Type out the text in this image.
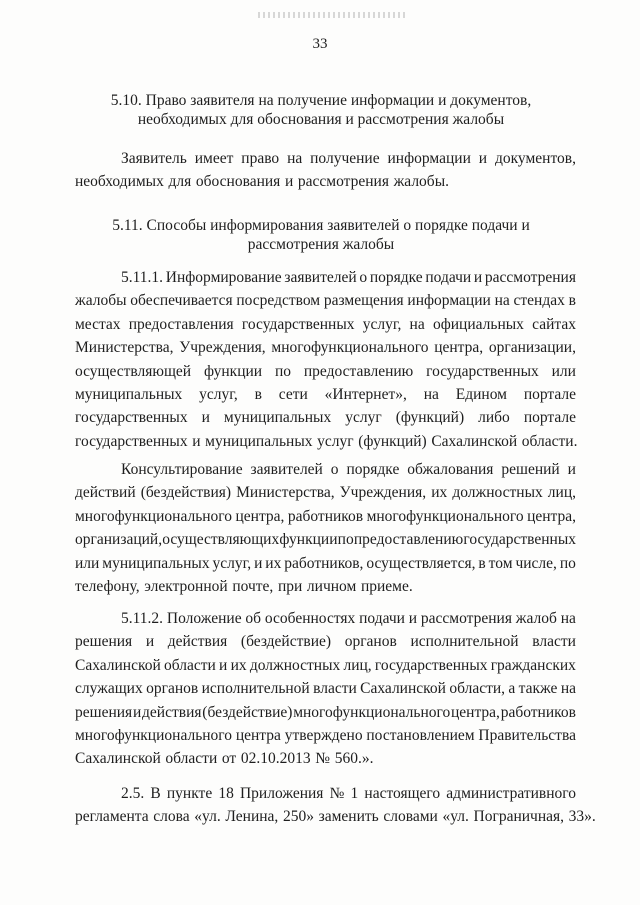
33
5.10. Право заявителя на получение информации и документов,
необходимых для обоснования и рассмотрения жалобы
Заявитель имеет право на получение информации и документов,
необходимых для обоснования и рассмотрения жалобы.
5.11. Способы информирования заявителей о порядке подачи и
рассмотрения жалобы
5.11.1. Информирование заявителей о порядке подачи и рассмотрения
жалобы обеспечивается посредством размещения информации на стендах в
местах предоставления государственных услуг, на официальных сайтах
Министерства, Учреждения, многофункционального центра, организации,
осуществляющей функции по предоставлению государственных или
муниципальных услуг, в сети «Интернет», на Едином портале
государственных и муниципальных услуг (функций) либо портале
государственных и муниципальных услуг (функций) Сахалинской области.
Консультирование заявителей о порядке обжалования решений и
действий (бездействия) Министерства, Учреждения, их должностных лиц,
многофункционального центра, работников многофункционального центра,
организаций, осуществляющих функции по предоставлению государственных
или муниципальных услуг, и их работников, осуществляется, в том числе, по
телефону, электронной почте, при личном приеме.
5.11.2. Положение об особенностях подачи и рассмотрения жалоб на
решения и действия (бездействие) органов исполнительной власти
Сахалинской области и их должностных лиц, государственных гражданских
служащих органов исполнительной власти Сахалинской области, а также на
решения и действия (бездействие) многофункционального центра, работников
многофункционального центра утверждено постановлением Правительства
Сахалинской области от 02.10.2013 № 560.».
2.5. В пункте 18 Приложения № 1 настоящего административного
регламента слова «ул. Ленина, 250» заменить словами «ул. Пограничная, 33».
